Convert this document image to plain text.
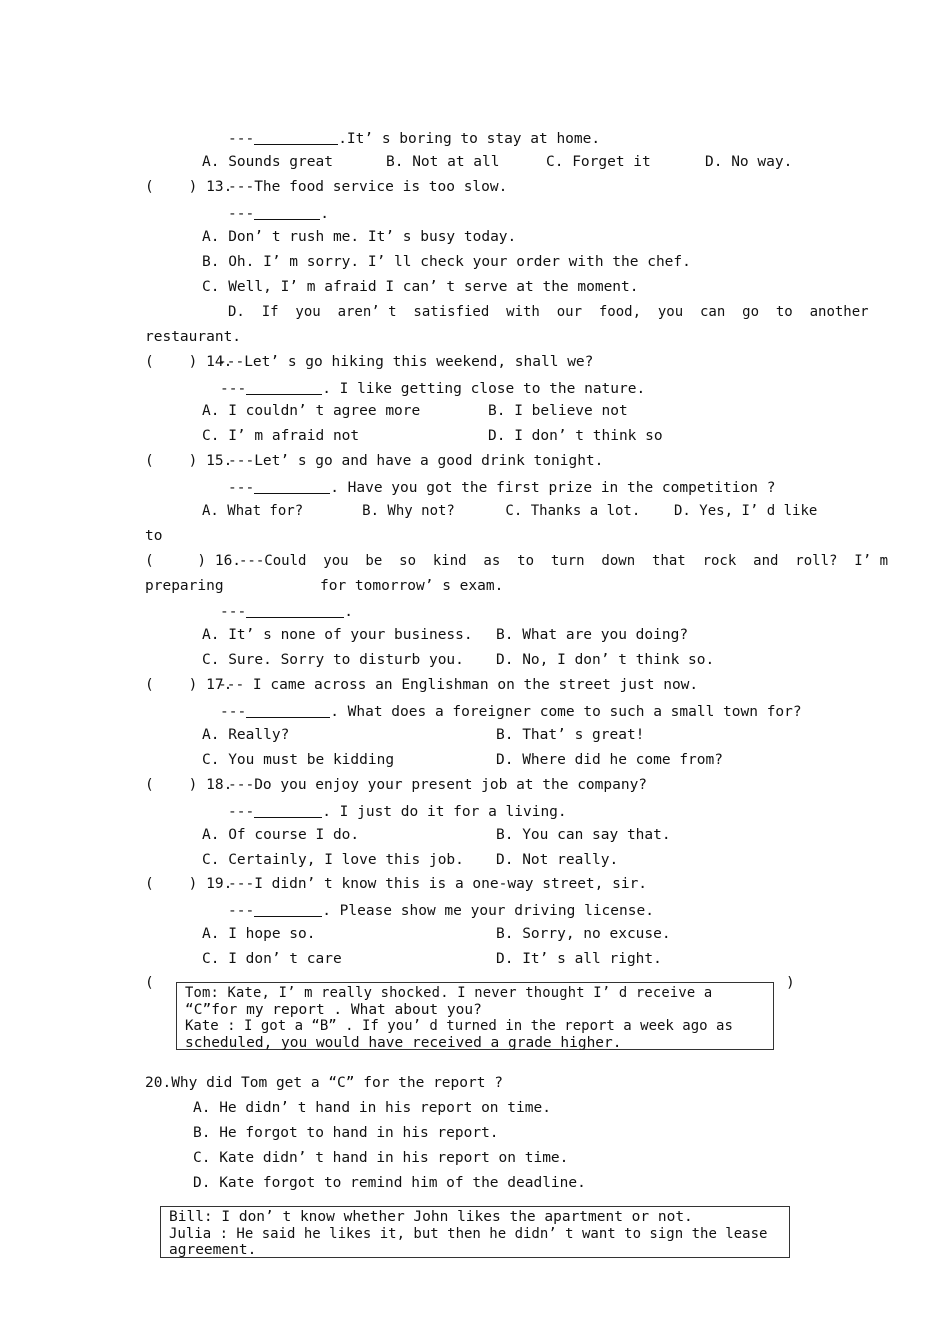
---	.It’ s boring to stay at home.
A. Sounds great	B. Not at all	C. Forget it	D. No way.
(    ) 13.
---The food service is too slow.
---	.
A. Don’ t rush me. It’ s busy today.
B. Oh. I’ m sorry. I’ ll check your order with the chef.
C. Well, I’ m afraid I can’ t serve at the moment.
D.  If  you  aren’ t  satisfied  with  our  food,  you  can  go  to  another
restaurant.
(    ) 14.
---Let’ s go hiking this weekend, shall we?
---	. I like getting close to the nature.
A. I couldn’ t agree more	B. I believe not
C. I’ m afraid not	D. I don’ t think so
(    ) 15.
---Let’ s go and have a good drink tonight.
---	. Have you got the first prize in the competition ?
A. What for?       B. Why not?      C. Thanks a lot.    D. Yes, I’ d like
to
(     ) 16.
---Could  you  be  so  kind  as  to  turn  down  that  rock  and  roll?  I’ m
preparing	for tomorrow’ s exam.
---	.
A. It’ s none of your business. B. What are you doing?
C. Sure. Sorry to disturb you. D. No, I don’ t think so.
(    ) 17.
--- I came across an Englishman on the street just now.
---	. What does a foreigner come to such a small town for?
A. Really?	B. That’ s great!
C. You must be kidding	D. Where did he come from?
(    ) 18.
---Do you enjoy your present job at the company?
---	. I just do it for a living.
A. Of course I do.	B. You can say that.
C. Certainly, I love this job. D. Not really.
(    ) 19.
---I didn’ t know this is a one-way street, sir.
---	. Please show me your driving license.
A. I hope so.	B. Sorry, no excuse.
C. I don’ t care	D. It’ s all right.
(	)
Tom: Kate, I’ m really shocked. I never thought I’ d receive a
“C”for my report . What about you?
Kate : I got a “B” . If you’ d turned in the report a week ago as
scheduled, you would have received a grade higher.
20.Why did Tom get a “C” for the report ?
A. He didn’ t hand in his report on time.
B. He forgot to hand in his report.
C. Kate didn’ t hand in his report on time.
D. Kate forgot to remind him of the deadline.
Bill: I don’ t know whether John likes the apartment or not.
Julia : He said he likes it, but then he didn’ t want to sign the lease
agreement.
